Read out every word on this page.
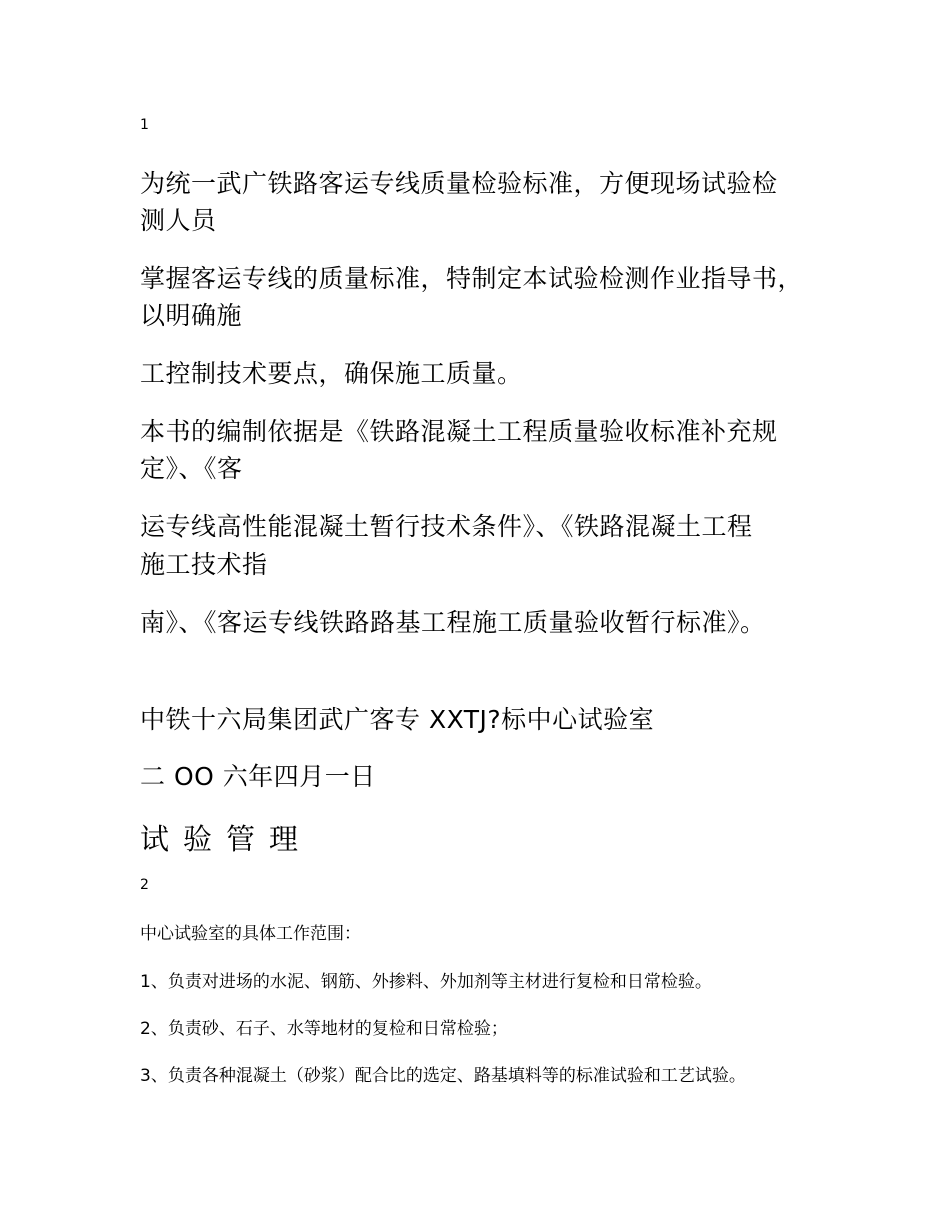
1
为统一武广铁路客运专线质量检验标准，方便现场试验检
测人员
掌握客运专线的质量标准，特制定本试验检测作业指导书，
以明确施
工控制技术要点，确保施工质量。
本书的编制依据是《铁路混凝土工程质量验收标准补充规
定》、《客
运专线高性能混凝土暂行技术条件》、《铁路混凝土工程
施工技术指
南》、《客运专线铁路路基工程施工质量验收暂行标准》。
中铁十六局集团武广客专 XXTJ?标中心试验室
二 OO 六年四月一日
试验管理
2
中心试验室的具体工作范围：
1、负责对进场的水泥、钢筋、外掺料、外加剂等主材进行复检和日常检验。
2、负责砂、石子、水等地材的复检和日常检验；
3、负责各种混凝土（砂浆）配合比的选定、路基填料等的标准试验和工艺试验。
